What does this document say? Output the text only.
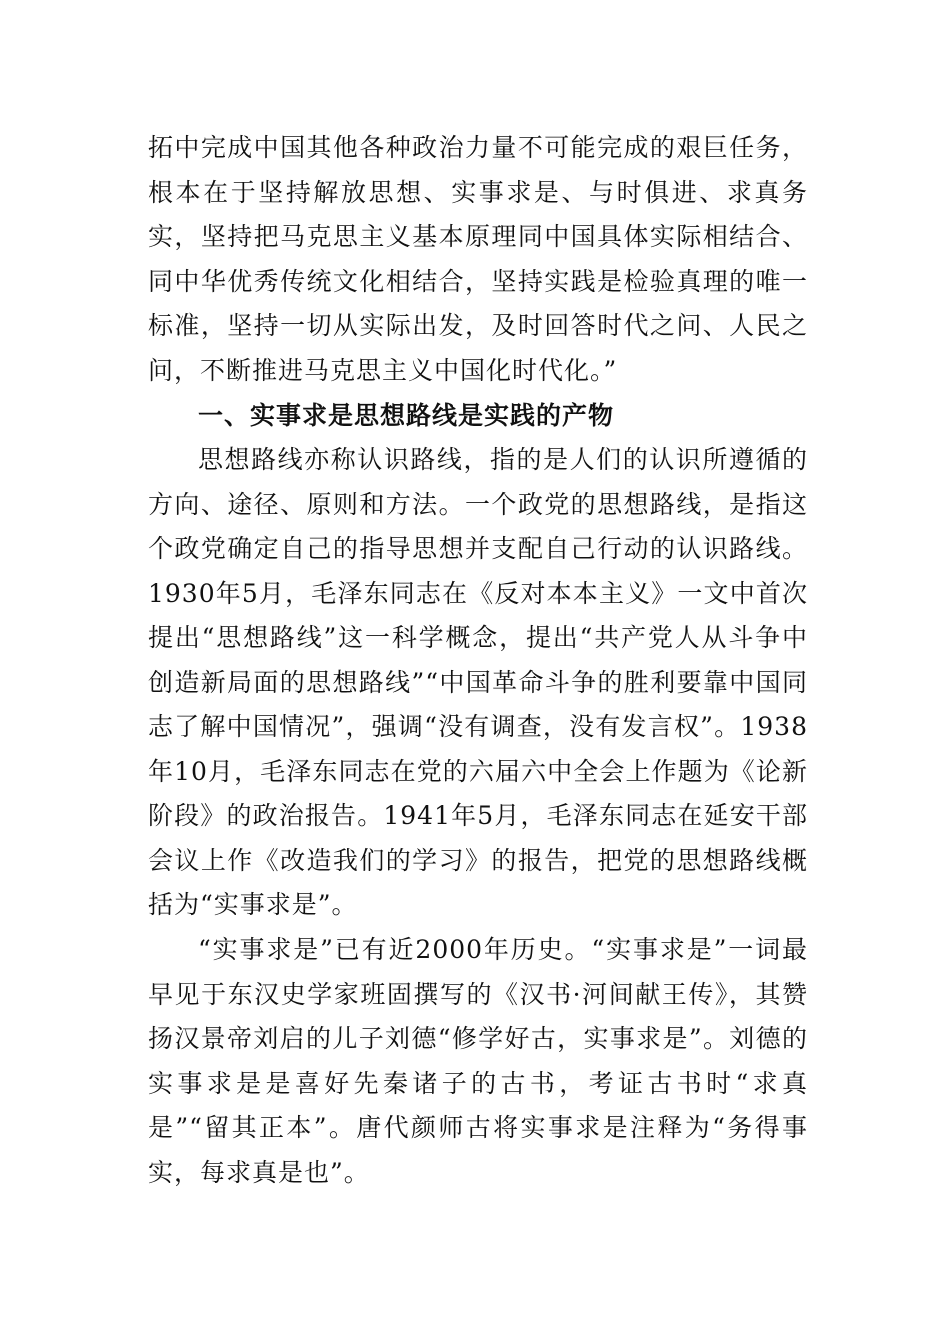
拓中完成中国其他各种政治力量不可能完成的艰巨任务，根本在于坚持解放思想、实事求是、与时俱进、求真务实，坚持把马克思主义基本原理同中国具体实际相结合、同中华优秀传统文化相结合，坚持实践是检验真理的唯一标准，坚持一切从实际出发，及时回答时代之问、人民之问，不断推进马克思主义中国化时代化。”

一、实事求是思想路线是实践的产物

思想路线亦称认识路线，指的是人们的认识所遵循的方向、途径、原则和方法。一个政党的思想路线，是指这个政党确定自己的指导思想并支配自己行动的认识路线。1930年5月，毛泽东同志在《反对本本主义》一文中首次提出“思想路线”这一科学概念，提出“共产党人从斗争中创造新局面的思想路线”“中国革命斗争的胜利要靠中国同志了解中国情况”，强调“没有调查，没有发言权”。1938年10月，毛泽东同志在党的六届六中全会上作题为《论新阶段》的政治报告。1941年5月，毛泽东同志在延安干部会议上作《改造我们的学习》的报告，把党的思想路线概括为“实事求是”。

“实事求是”已有近2000年历史。“实事求是”一词最早见于东汉史学家班固撰写的《汉书·河间献王传》，其赞扬汉景帝刘启的儿子刘德“修学好古，实事求是”。刘德的实事求是是喜好先秦诸子的古书，考证古书时“求真是”“留其正本”。唐代颜师古将实事求是注释为“务得事实，每求真是也”。
